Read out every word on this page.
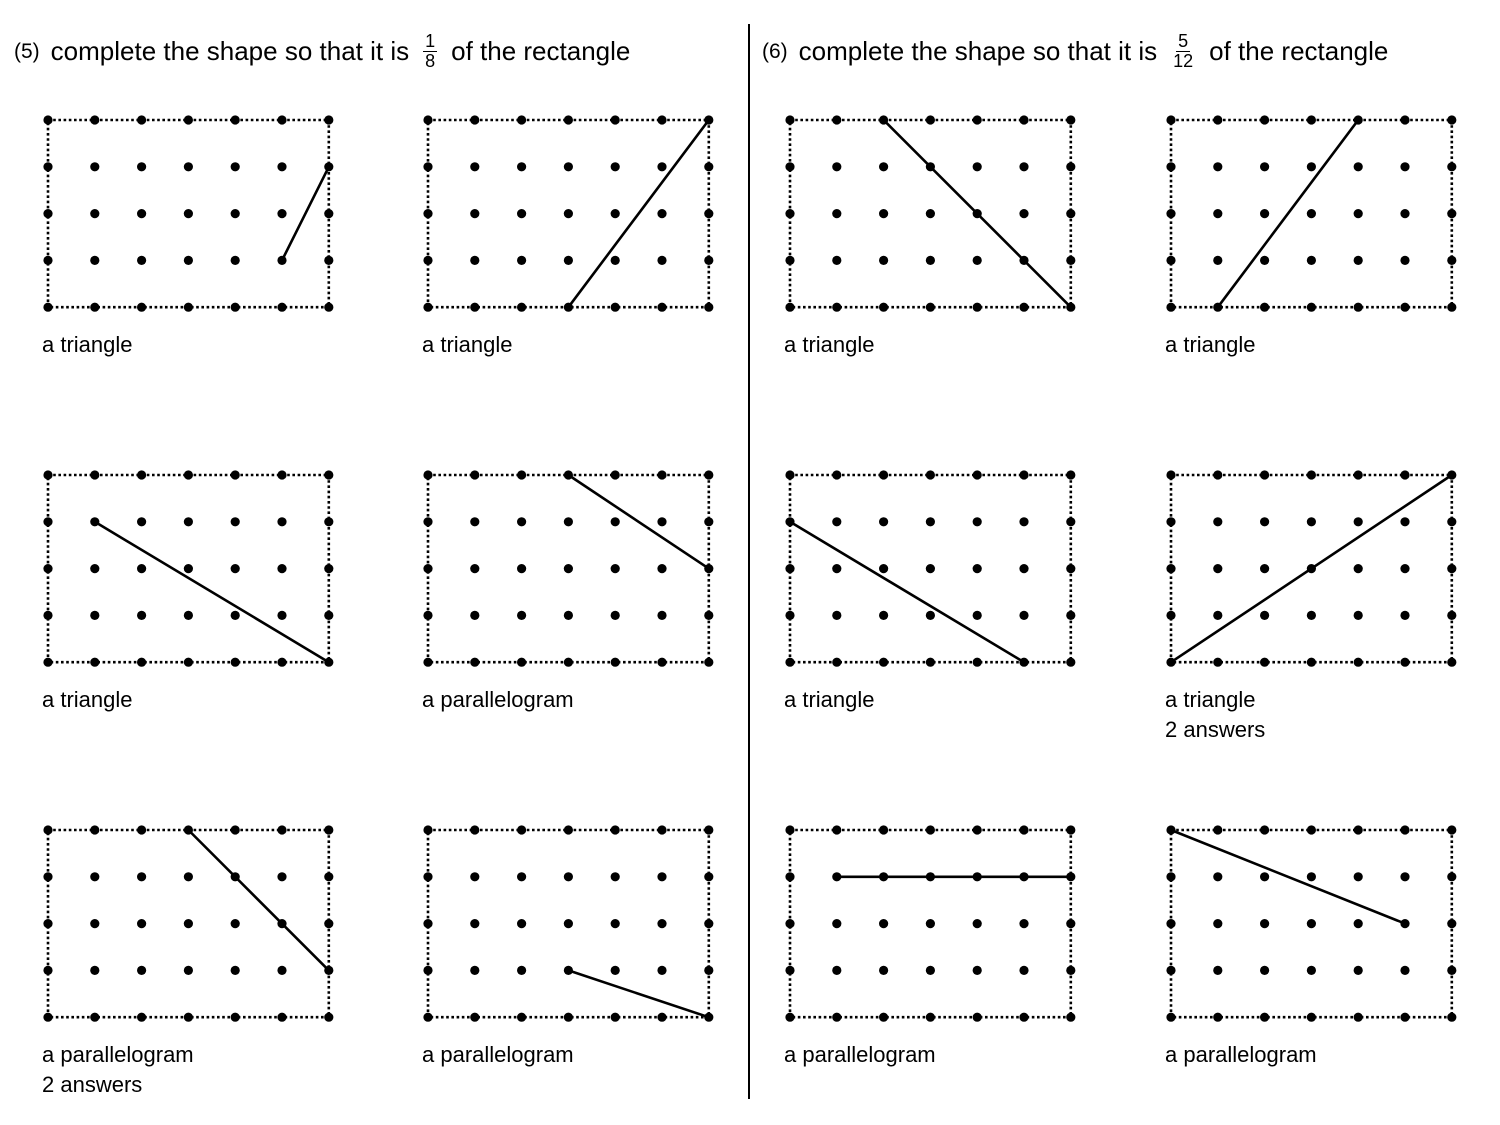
(5) complete the shape so that it is $\frac{1}{8}$ of the rectangle	(6) complete the shape so that it is $\frac{5}{12}$ of the rectangle
a triangle	a triangle
a triangle	a parallelogram
a parallelogram
2 answers
a parallelogram
a triangle	a triangle
a triangle	a triangle
2 answers
a parallelogram	a parallelogram
